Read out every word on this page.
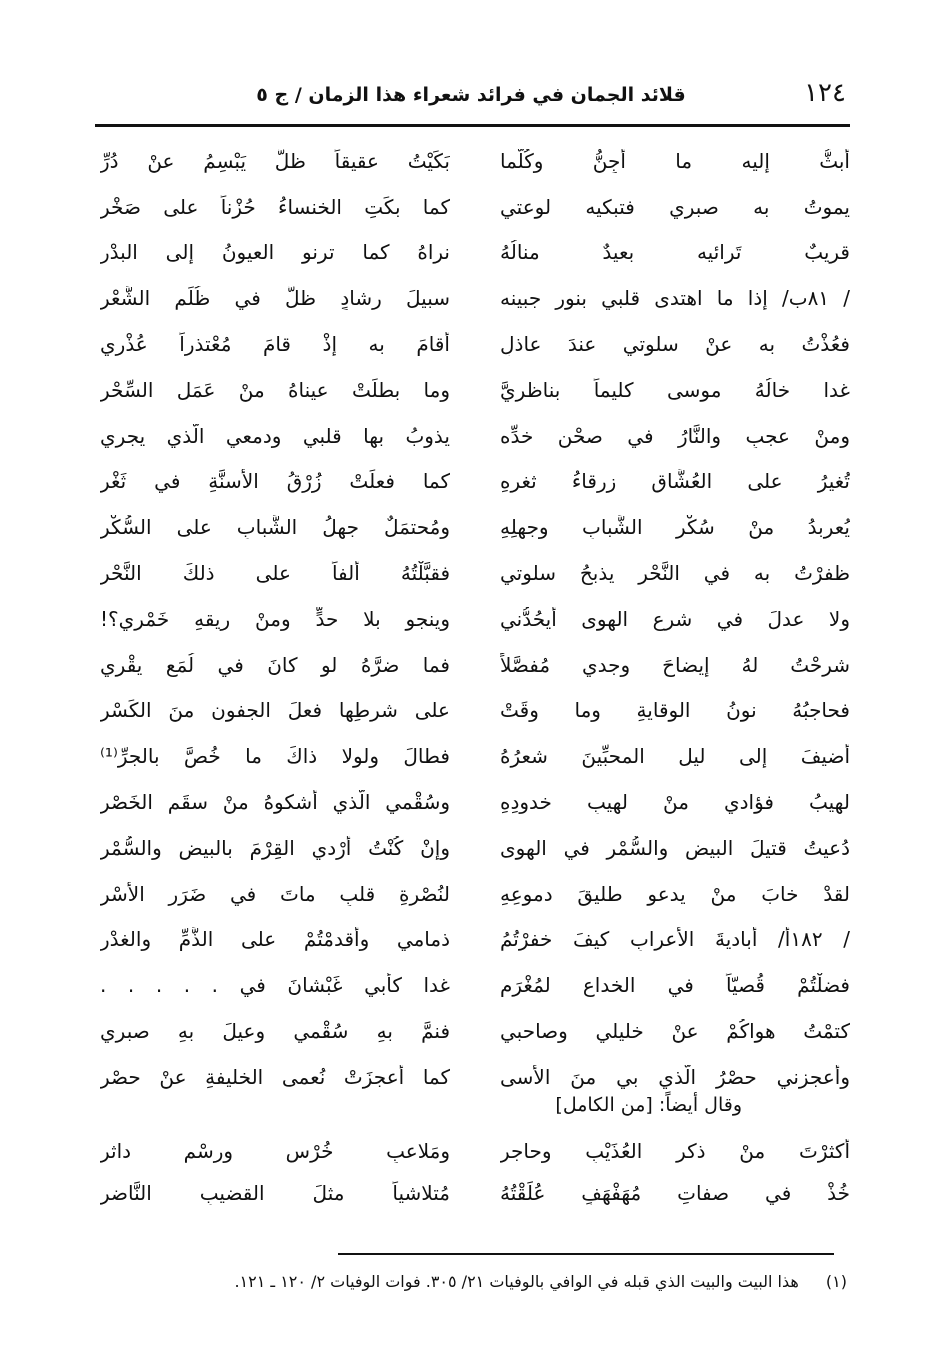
١٢٤
قلائد الجمان في فرائد شعراء هذا الزمان / ج ٥
أُبثُّ إليه ما أُجِنُّ وكُلَّما
بَكَيْتُ عقيقاً ظلَّ يَبْسِمُ عنْ دُرِّ
يموتُ به صبري فتبكيه لوعتي
كما بكَتِ الخنساءُ حُزْناً على صَخْرِ
قريبٌ تَرائيه بعيدٌ منالُهُ
نراهُ كما ترنو العيونُ إلى البدْرِ
/ ٨١ب/ إذا ما اهتدى قلبي بنورِ جبينه
سبيلَ رشادٍ ظلَّ في ظُلَمِ الشَّعْرِ
فعُذْتُ به عنْ سلوتي عندَ عاذلٍ
أقامَ به إذْ قامَ مُعْتذراً عُذْري
غدا خالُهُ موسى كليماً بناظريَّ
وما بطلَتْ عيناهُ منْ عَمَلِ السِّحْرِ
ومنْ عجبٍ والنَّارُ في صحْنِ خدِّه
يذوبُ بها قلبي ودمعي الَّذي يجري
تُغيرُ على العُشَّاقِ زرقاءُ ثغرِهِ
كما فعلَتْ زُرْقُ الأسنَّةِ في ثَغْرِ
يُعربدُ منْ سُكْرِ الشَّبابِ وجهلِهِ
ومُحتمَلٌ جهلُ الشَّبابِ على السُّكْرِ
ظفرْتُ به في النَّحْرِ يذبحُ سلوتي
فقبَّلْتُهُ ألفاً على ذلكَ النَّحْرِ
ولا عدلَ في شرعِ الهوى أيحُدُّني
وينجو بلا حدٍّ ومنْ ريقهِ خَمْري؟!
شرحْتُ لهُ إيضاحَ وجدي مُفصَّلاً
فما ضرَّهُ لو كانَ في لُمَعٍ يقْري
فحاجبُهُ نونُ الوقايةِ وما وقَتْ
على شرطِها فعلَ الجفونِ منَ الكَسْرِ
أُضيفَ إلى ليلِ المحبِّينَ شعرُهُ
فطالَ ولولا ذاكَ ما خُصَّ بالجرِّ⁽¹⁾
لهيبُ فؤادي منْ لهيبِ خدودِهِ
وسُقْمي الَّذي أشكوهُ منْ سقَمِ الخَصْرِ
دُعيتُ قتيلَ البيضِ والسُّمْرِ في الهوى
وإنْ كُنْتُ أُرْدي القِرْمَ بالبيضِ والسُّمْرِ
لقدْ خابَ منْ يدعو طليقَ دموعِهِ
لنُصْرةِ قلبٍ ماتَ في ضَرَرِ الأسْرِ
/ ١٨٢أ/ أباديةَ الأعرابِ كيفَ خفرْتُمُ
ذمامي وأقدمْتُمْ على الذَّمِّ والغدْرِ
فضلْتُمْ قُصيّاً في الخداعِ لمُغْرَمٍ
غدا كأبي غَبْشانَ في . . . . .
كتمْتُ هواكُمْ عنْ خليلي وصاحبي
فنمَّ بهِ سُقْمي وعيلَ بهِ صبري
وأعجزني حصْرُ الَّذي بي منَ الأسى
كما أعجزَتْ نُعمى الخليفةِ عنْ حصْرِ
وقال أيضاً: [من الكامل]
أكثرْتَ منْ ذكرِ العُذَيْبِ وحاجرٍ
ومَلاعبٍ خُرْسٍ ورسْمٍ داثرِ
خُذْ في صفاتِ مُهَفْهَفٍ عُلِّقْتُهُ
مُتلاشياً مثلَ القضيبِ النَّاضرِ
(١) هذا البيت والبيت الذي قبله في الوافي بالوفيات ٢١/ ٣٠٥. فوات الوفيات ٢/ ١٢٠ ـ ١٢١.
